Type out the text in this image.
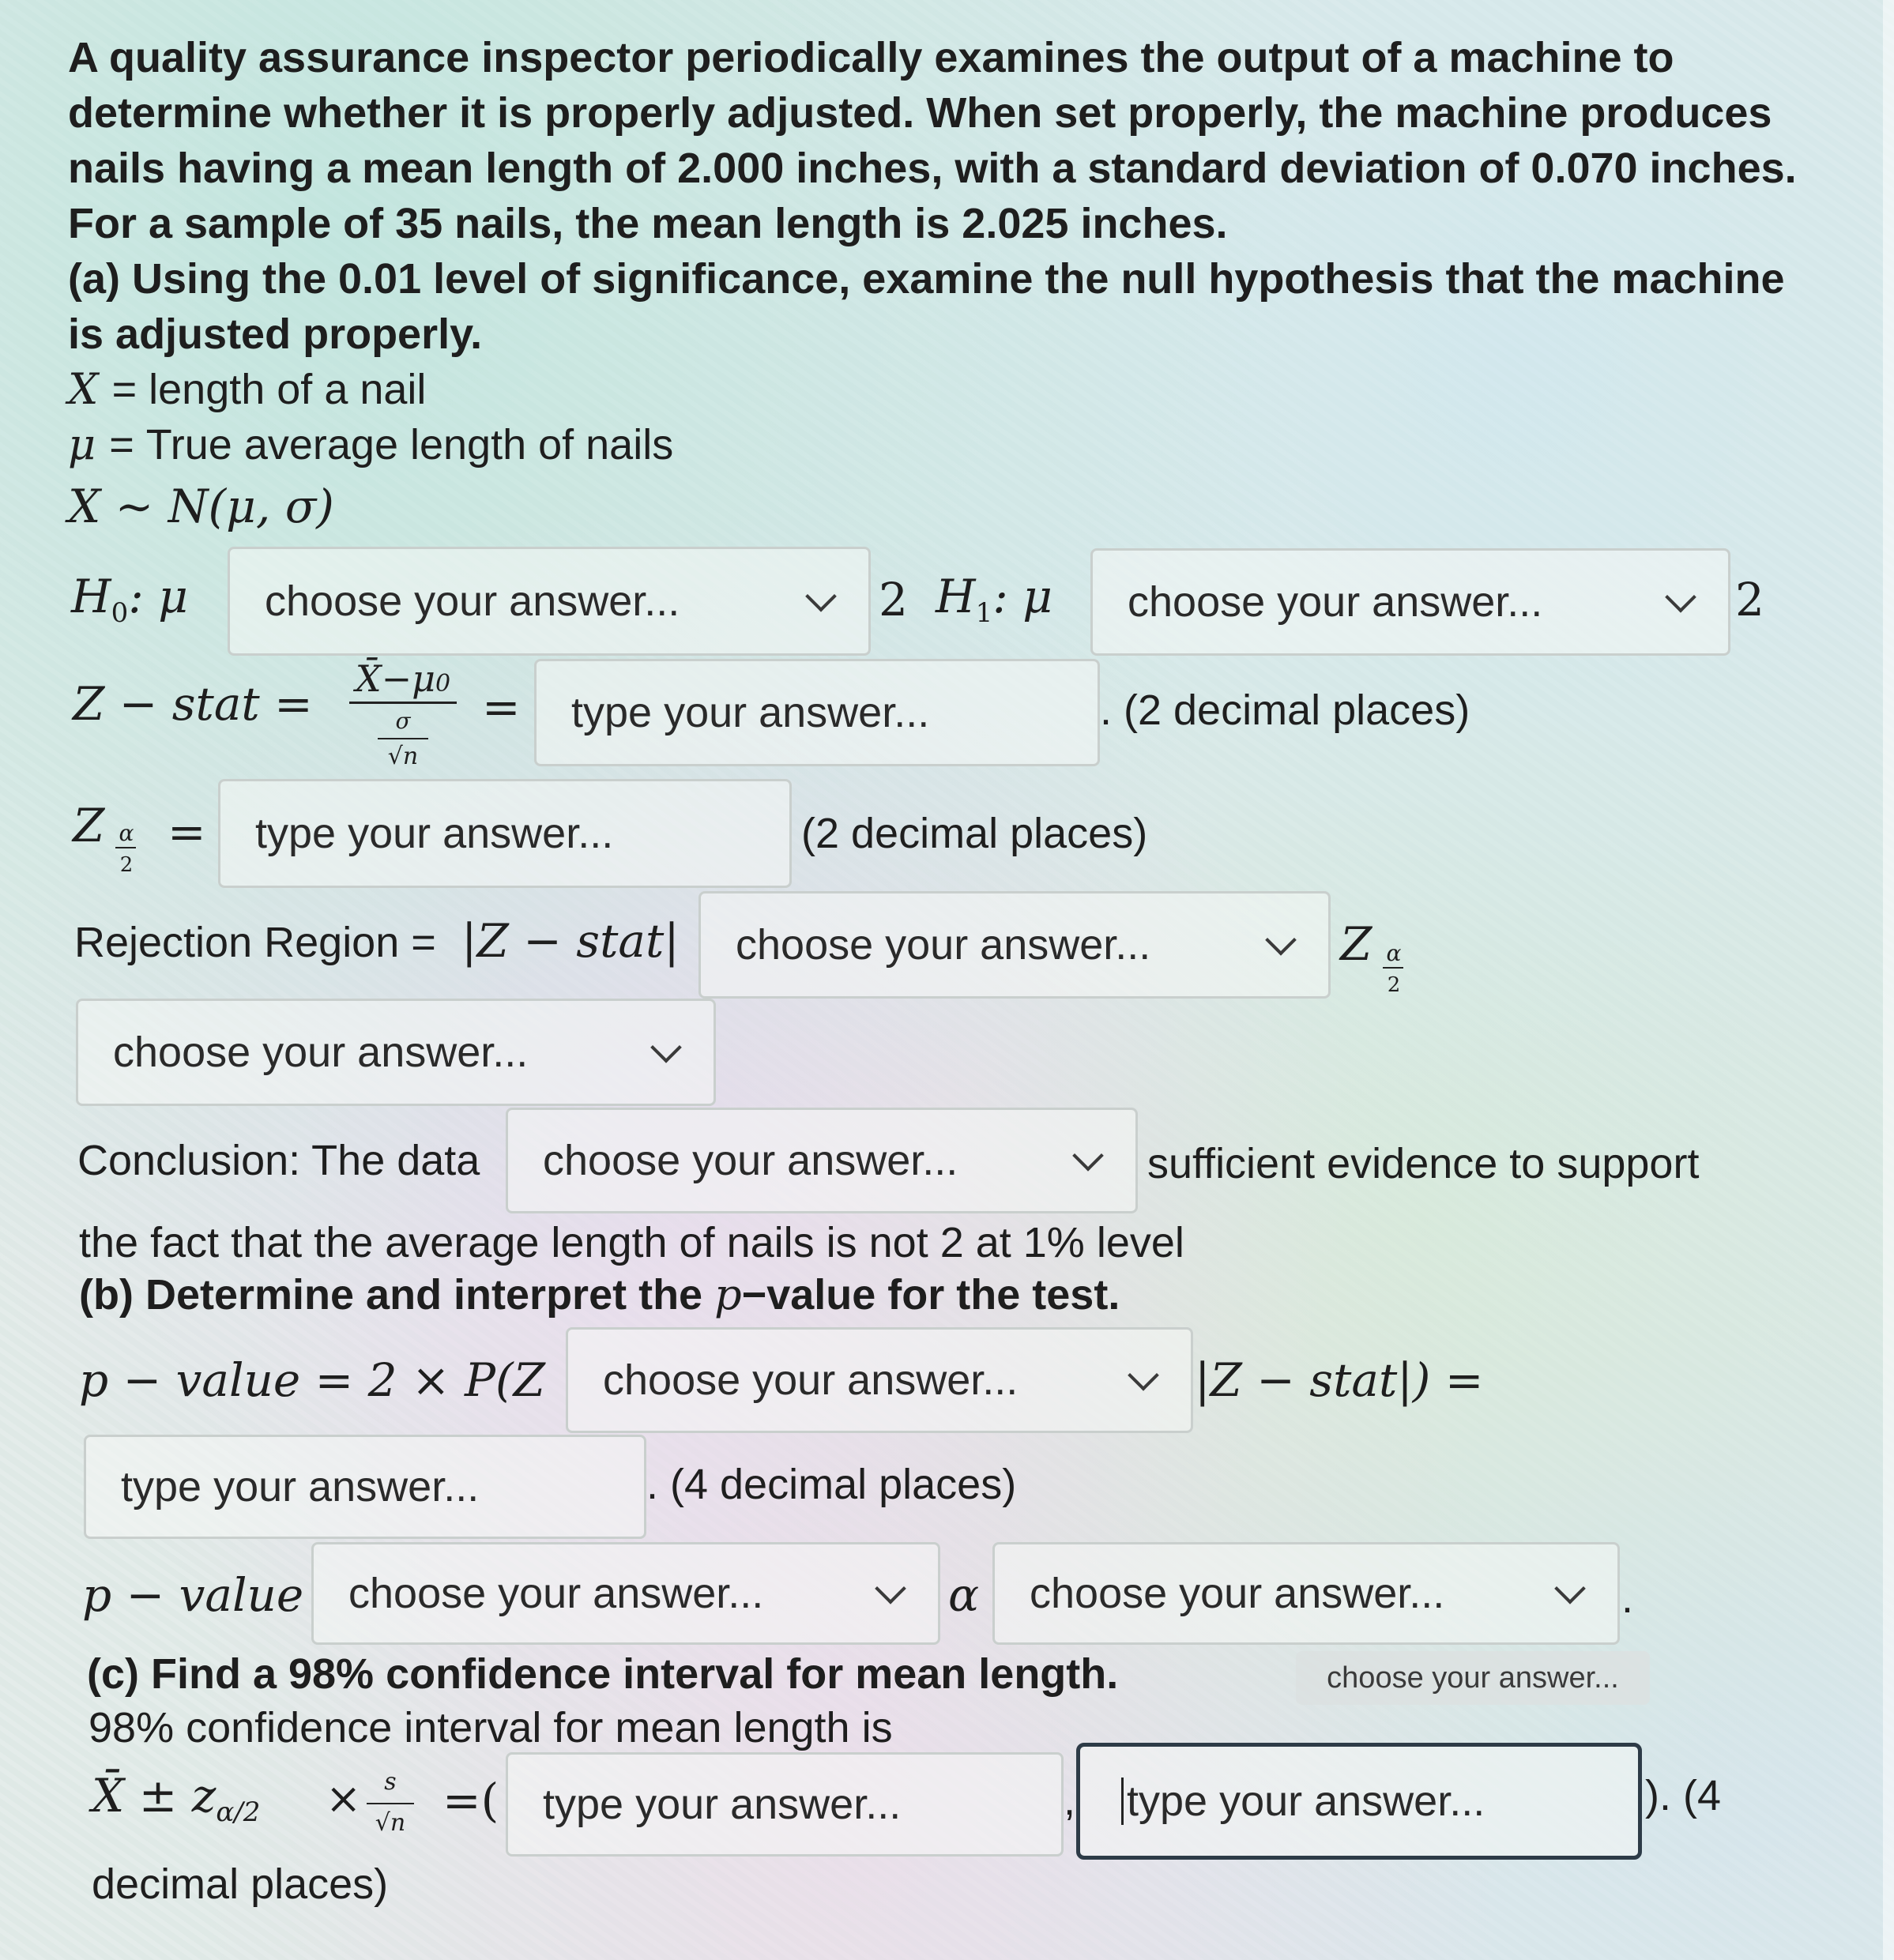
A quality assurance inspector periodically examines the output of a machine to
determine whether it is properly adjusted. When set properly, the machine produces
nails having a mean length of 2.000 inches, with a standard deviation of 0.070 inches.
For a sample of 35 nails, the mean length is 2.025 inches.
(a) Using the 0.01 level of significance, examine the null hypothesis that the machine
is adjusted properly.
X = length of a nail
μ = True average length of nails
X ∼ N(μ, σ)
$H_0$: μ choose your answer...	2 $H_1$: μ choose your answer...	2
Z − stat = X̄−μ0
σ
√n
= type your answer...	. (2 decimal places)
Z α
2
= type your answer...	(2 decimal places)
Rejection Region = |Z − stat| choose your answer...	Z α
2
choose your answer...
Conclusion: The data choose your answer...	sufficient evidence to support
the fact that the average length of nails is not 2 at 1% level
(b) Determine and interpret the p−value for the test.
p − value = 2 × P(Z choose your answer...	|Z − stat|) =
type your answer...	. (4 decimal places)
p − value choose your answer...	α choose your answer...	.
(c) Find a 98% confidence interval for mean length.	choose your answer...
98% confidence interval for mean length is
X̄ ± $z_{\alpha/2} \times s$
√n =( type your answer...	, type your answer...	). (4
decimal places)
